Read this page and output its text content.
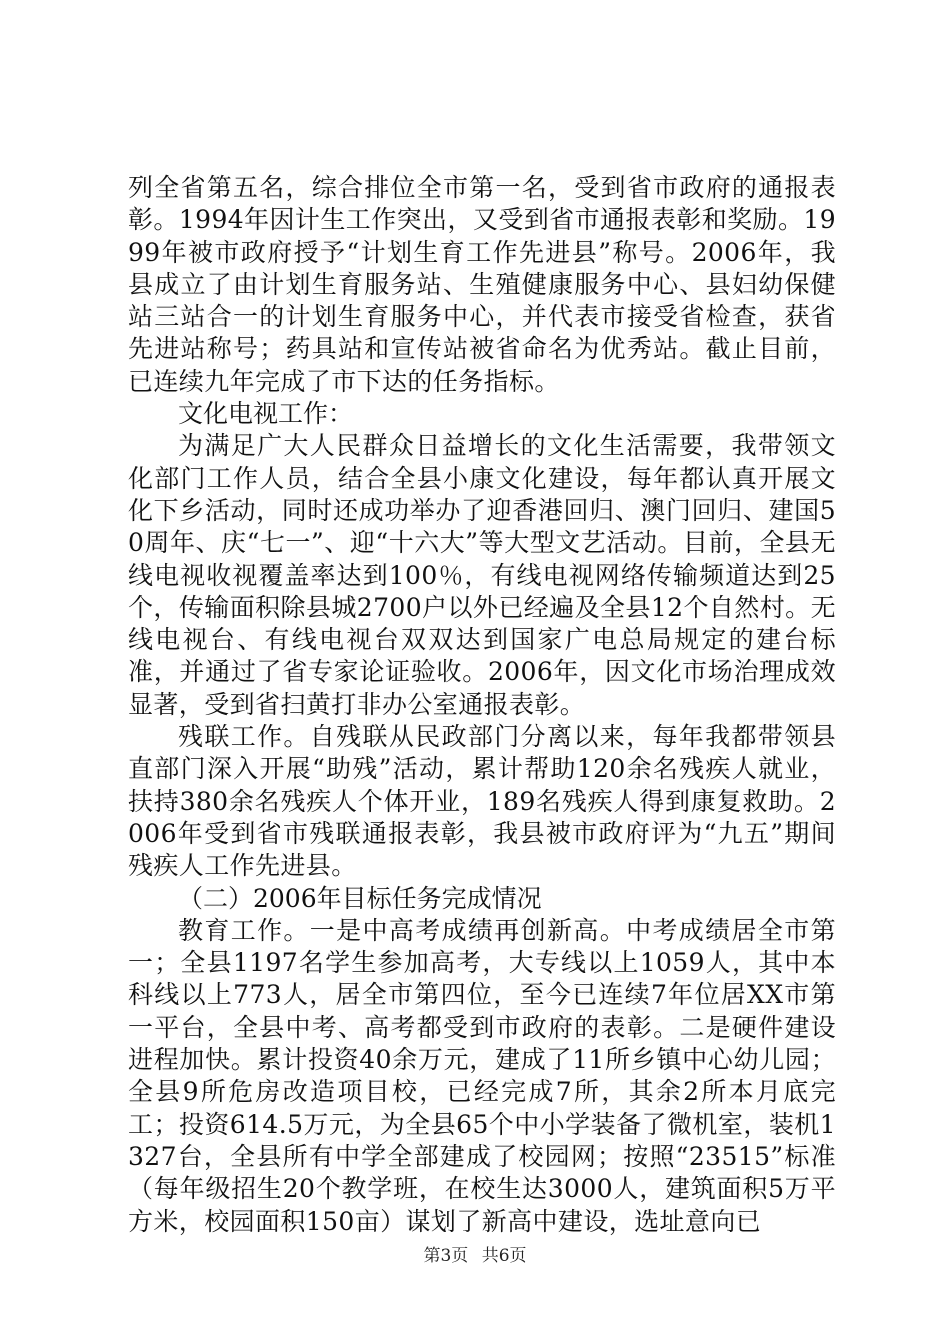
列全省第五名，综合排位全市第一名，受到省市政府的通报表彰。1994年因计生工作突出，又受到省市通报表彰和奖励。1999年被市政府授予“计划生育工作先进县”称号。2006年，我县成立了由计划生育服务站、生殖健康服务中心、县妇幼保健站三站合一的计划生育服务中心，并代表市接受省检查，获省先进站称号；药具站和宣传站被省命名为优秀站。截止目前，已连续九年完成了市下达的任务指标。

文化电视工作：

为满足广大人民群众日益增长的文化生活需要，我带领文化部门工作人员，结合全县小康文化建设，每年都认真开展文化下乡活动，同时还成功举办了迎香港回归、澳门回归、建国50周年、庆“七一”、迎“十六大”等大型文艺活动。目前，全县无线电视收视覆盖率达到100％，有线电视网络传输频道达到25个，传输面积除县城2700户以外已经遍及全县12个自然村。无线电视台、有线电视台双双达到国家广电总局规定的建台标准，并通过了省专家论证验收。2006年，因文化市场治理成效显著，受到省扫黄打非办公室通报表彰。

残联工作。自残联从民政部门分离以来，每年我都带领县直部门深入开展“助残”活动，累计帮助120余名残疾人就业，扶持380余名残疾人个体开业，189名残疾人得到康复救助。2006年受到省市残联通报表彰，我县被市政府评为“九五”期间残疾人工作先进县。

（二）2006年目标任务完成情况

教育工作。一是中高考成绩再创新高。中考成绩居全市第一；全县1197名学生参加高考，大专线以上1059人，其中本科线以上773人，居全市第四位，至今已连续7年位居XX市第一平台，全县中考、高考都受到市政府的表彰。二是硬件建设进程加快。累计投资40余万元，建成了11所乡镇中心幼儿园；全县9所危房改造项目校，已经完成7所，其余2所本月底完工；投资614.5万元，为全县65个中小学装备了微机室，装机1327台，全县所有中学全部建成了校园网；按照“23515”标准（每年级招生20个教学班，在校生达3000人，建筑面积5万平方米，校园面积150亩）谋划了新高中建设，选址意向已

第3页 共6页
